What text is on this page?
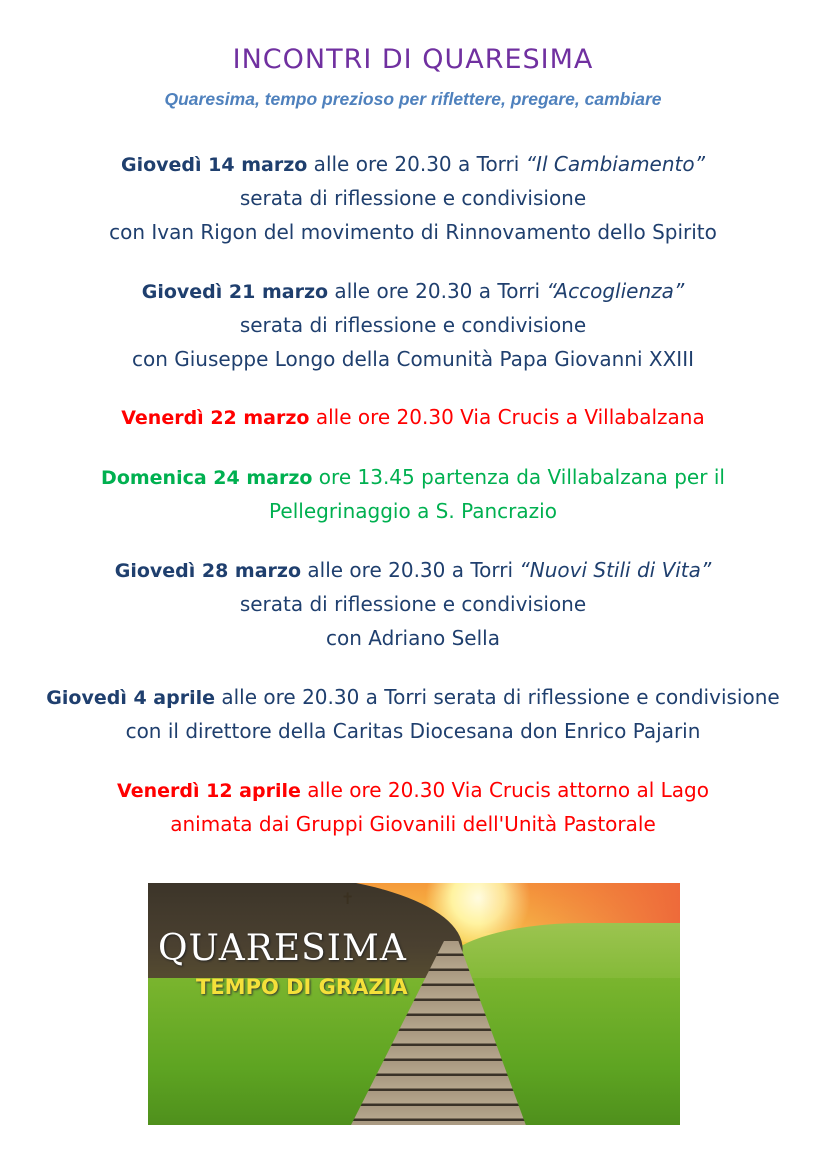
INCONTRI DI QUARESIMA
Quaresima, tempo prezioso per riflettere, pregare, cambiare
Giovedì 14 marzo alle ore 20.30 a Torri “Il Cambiamento”
serata di riflessione e condivisione
con Ivan Rigon del movimento di Rinnovamento dello Spirito
Giovedì 21 marzo alle ore 20.30 a Torri “Accoglienza”
serata di riflessione e condivisione
con Giuseppe Longo della Comunità Papa Giovanni XXIII
Venerdì 22 marzo alle ore 20.30 Via Crucis a Villabalzana
Domenica 24 marzo ore 13.45 partenza da Villabalzana per il
Pellegrinaggio a S. Pancrazio
Giovedì 28 marzo alle ore 20.30 a Torri “Nuovi Stili di Vita”
serata di riflessione e condivisione
con Adriano Sella
Giovedì 4 aprile alle ore 20.30 a Torri serata di riflessione e condivisione
con il direttore della Caritas Diocesana don Enrico Pajarin
Venerdì 12 aprile alle ore 20.30 Via Crucis attorno al Lago
animata dai Gruppi Giovanili dell'Unità Pastorale
✝
QUARESIMA
TEMPO DI GRAZIA
